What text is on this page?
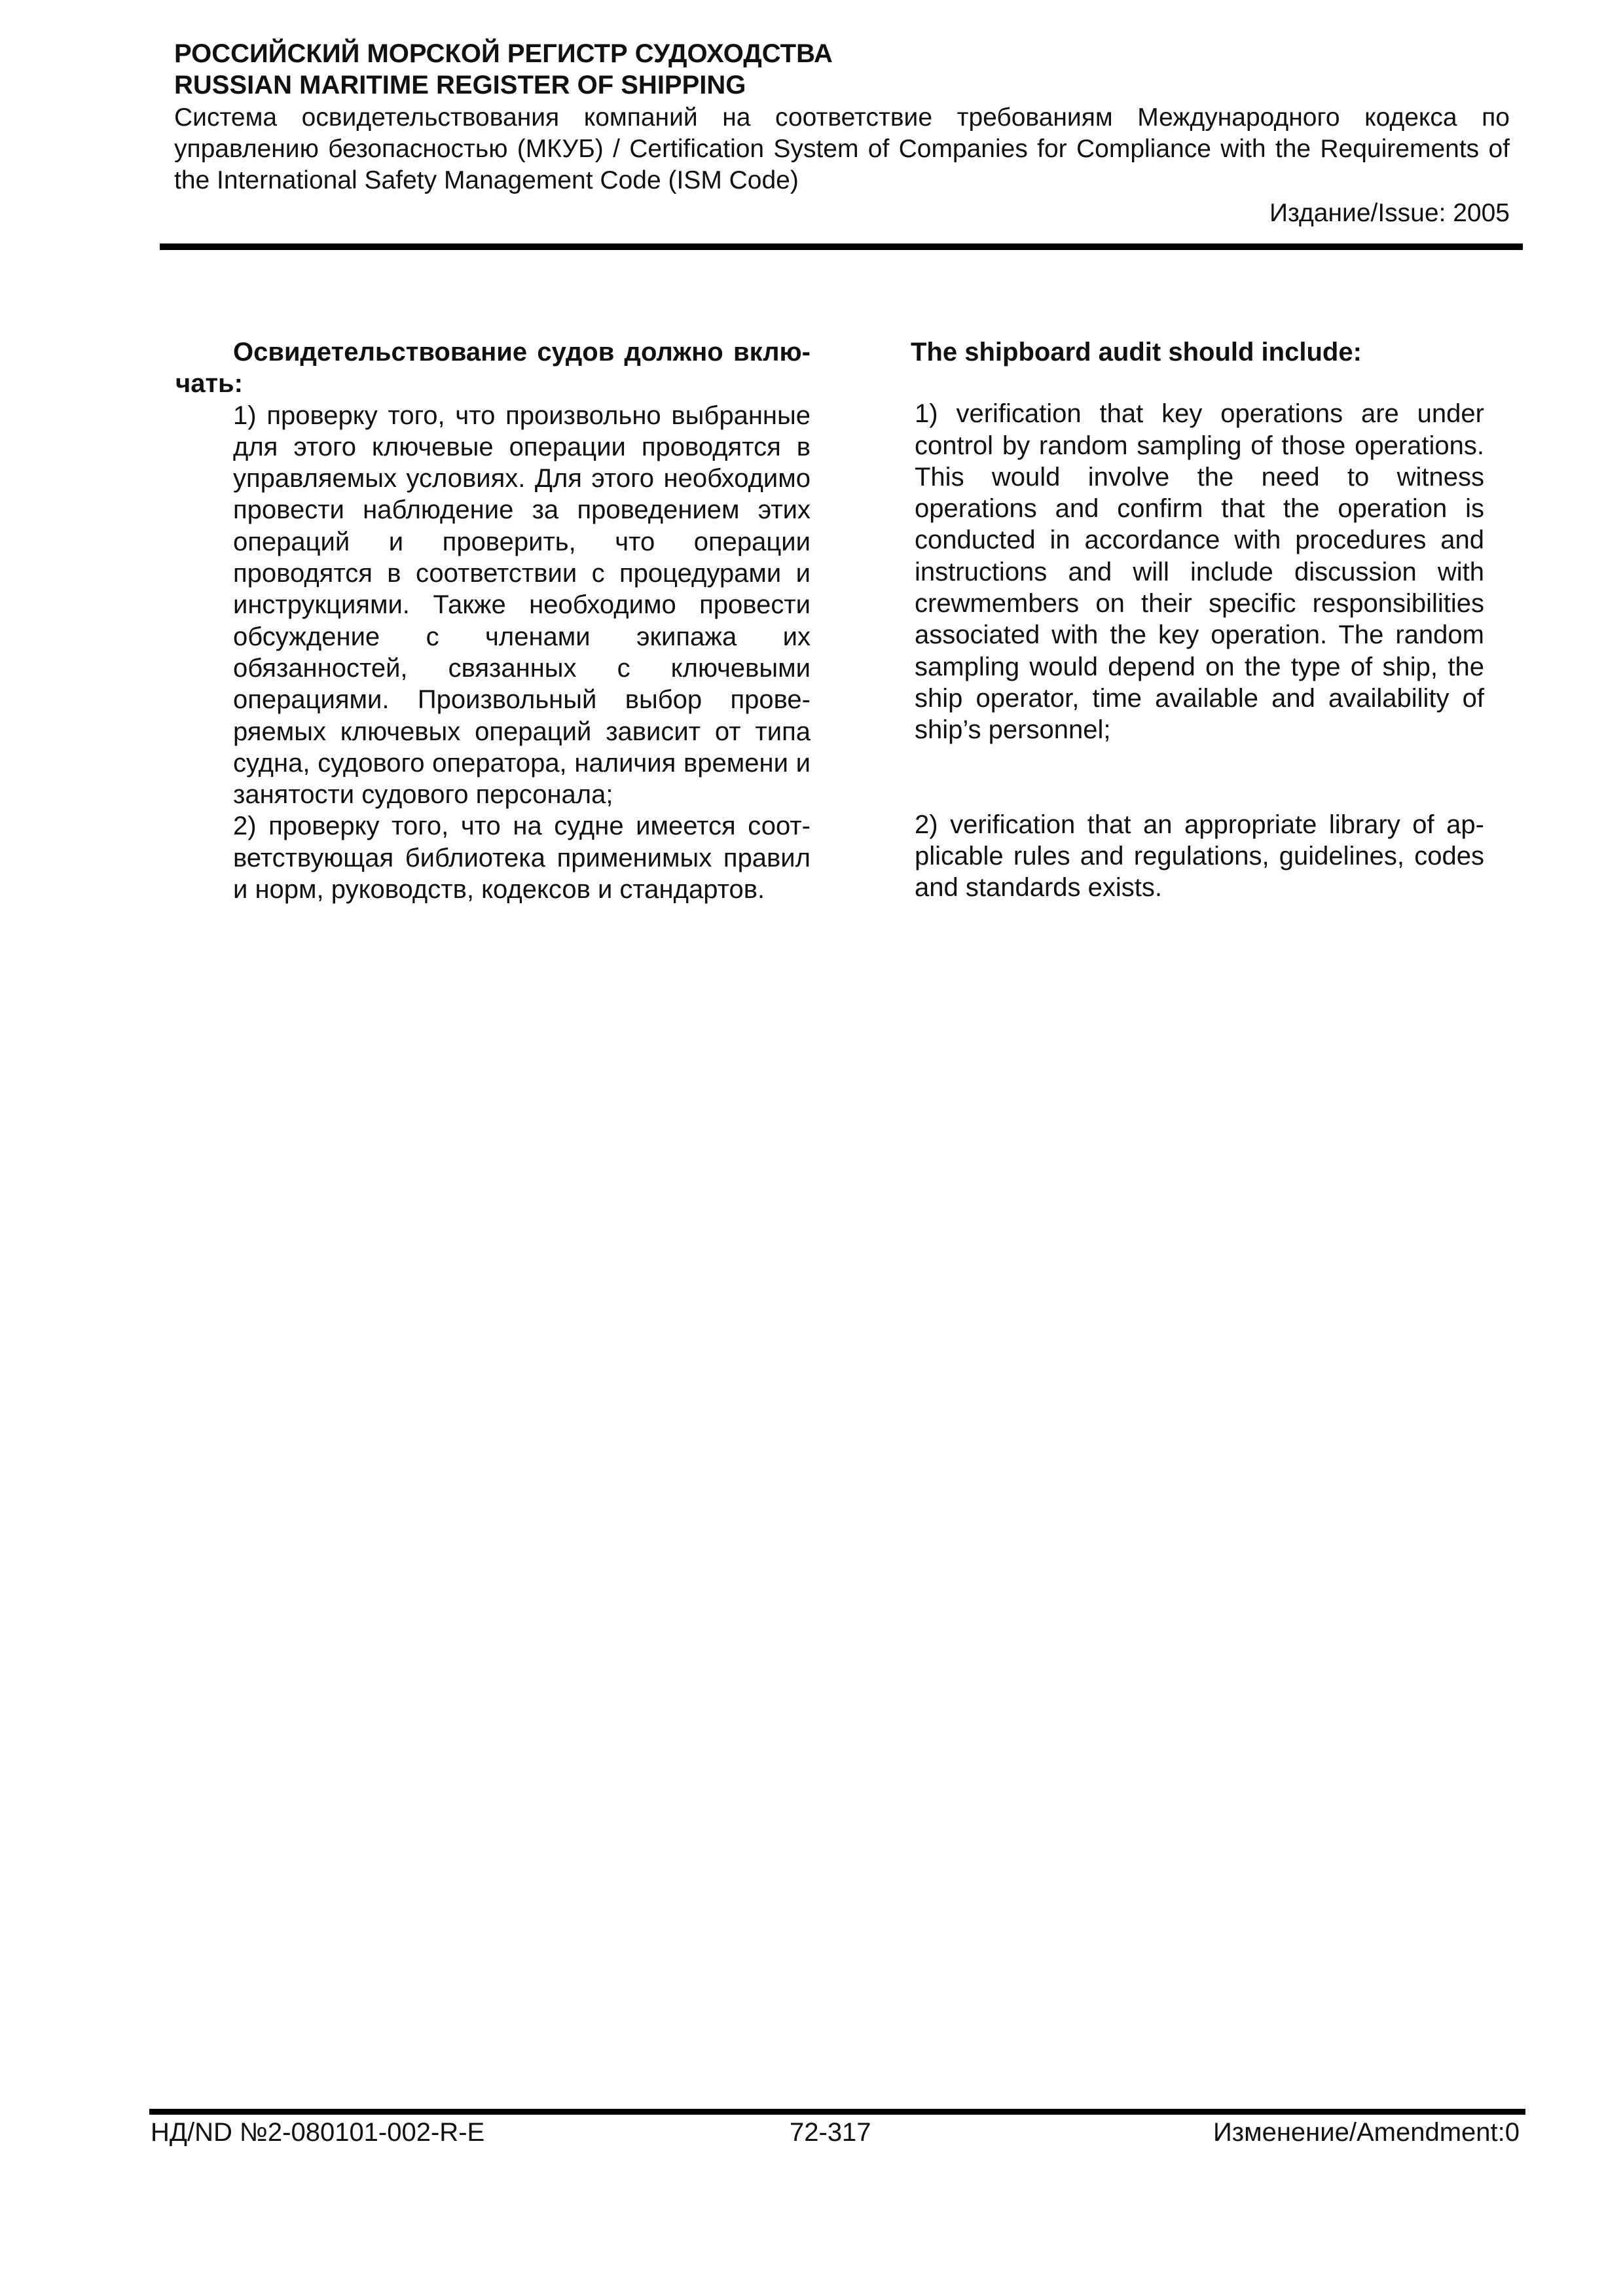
РОССИЙСКИЙ МОРСКОЙ РЕГИСТР СУДОХОДСТВА
RUSSIAN MARITIME REGISTER OF SHIPPING
Система освидетельствования компаний на соответствие требованиям Международного кодекса по управлению безопасностью (МКУБ) / Certification System of Companies for Compliance with the Requirements of the International Safety Management Code (ISM Code)
Издание/Issue: 2005

Освидетельствование судов должно включать:

1) проверку того, что произвольно выбранные для этого ключевые операции проводятся в управляемых условиях. Для этого необходимо провести наблюдение за проведением этих операций и проверить, что операции проводятся в соответствии с процедурами и инструкциями. Также необходимо провести обсуждение с членами экипажа их обязанностей, связанных с ключевыми операциями. Произвольный выбор проверяемых ключевых операций зависит от типа судна, судового оператора, наличия времени и занятости судового персонала;

2) проверку того, что на судне имеется соответствующая библиотека применимых правил и норм, руководств, кодексов и стандартов.

The shipboard audit should include:

1) verification that key operations are under control by random sampling of those operations. This would involve the need to witness operations and confirm that the operation is conducted in accordance with procedures and instructions and will include discussion with crewmembers on their specific responsibilities associated with the key operation. The random sampling would depend on the type of ship, the ship operator, time available and availability of ship’s personnel;

2) verification that an appropriate library of applicable rules and regulations, guidelines, codes and standards exists.

НД/ND №2-080101-002-R-E	72-317	Изменение/Amendment:0
